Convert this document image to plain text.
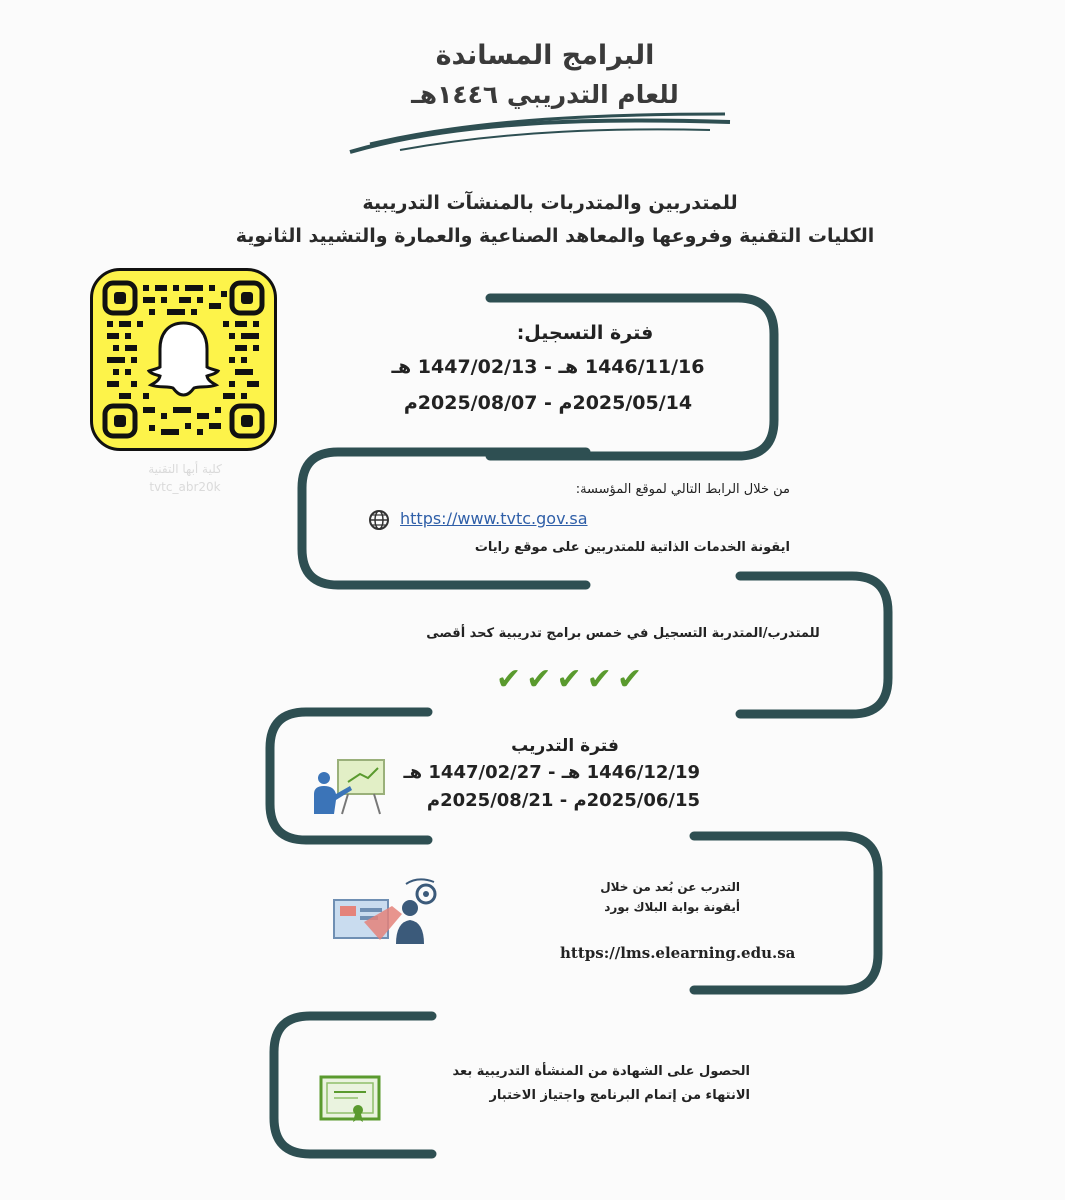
البرامج المساندة
للعام التدريبي ١٤٤٦هـ
للمتدربين والمتدربات بالمنشآت التدريبية
الكليات التقنية وفروعها والمعاهد الصناعية والعمارة والتشييد الثانوية
كلية أبها التقنية
tvtc_abr20k
فترة التسجيل:
1446/11/16 هـ - 1447/02/13 هـ
2025/05/14م - 2025/08/07م
من خلال الرابط التالي لموقع المؤسسة:
https://www.tvtc.gov.sa
ايقونة الخدمات الذاتية للمتدربين على موقع رايات
للمتدرب/المتدربة التسجيل في خمس برامج تدريبية كحد أقصى
✔ ✔ ✔ ✔ ✔
فترة التدريب
1446/12/19 هـ - 1447/02/27 هـ
2025/06/15م - 2025/08/21م
التدرب عن بُعد من خلال
أيقونة بوابة البلاك بورد
https://lms.elearning.edu.sa
الحصول على الشهادة من المنشأة التدريبية بعد
الانتهاء من إتمام البرنامج واجتياز الاختبار
